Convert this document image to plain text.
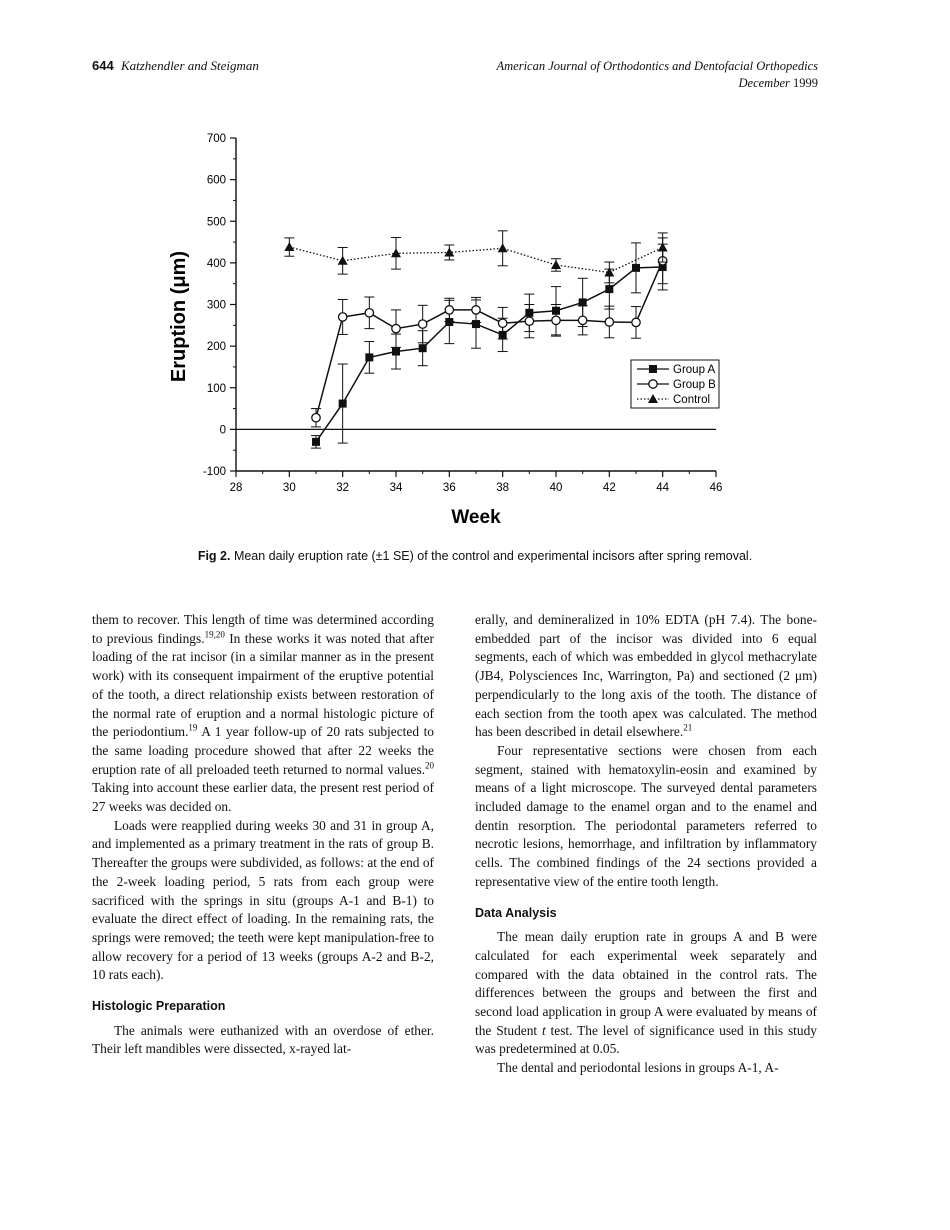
644 Katzhendler and Steigman	American Journal of Orthodontics and Dentofacial Orthopedics
December 1999
-100
0
100
200
300
400
500
600
700
28	30	32	34	36	38	40	42	44	46
Week
Eruption (μm)	Group A
Group B
Control
Fig 2. Mean daily eruption rate (±1 SE) of the control and experimental incisors after spring removal.

them to recover. This length of time was determined according to previous findings.$^{19,20}$ In these works it was noted that after loading of the rat incisor (in a similar manner as in the present work) with its consequent impairment of the eruptive potential of the tooth, a direct relationship exists between restoration of the normal rate of eruption and a normal histologic picture of the periodontium.$^{19}$ A 1 year follow-up of 20 rats subjected to the same loading procedure showed that after 22 weeks the eruption rate of all preloaded teeth returned to normal values.$^{20}$ Taking into account these earlier data, the present rest period of 27 weeks was decided on.

Loads were reapplied during weeks 30 and 31 in group A, and implemented as a primary treatment in the rats of group B. Thereafter the groups were subdivided, as follows: at the end of the 2-week loading period, 5 rats from each group were sacrificed with the springs in situ (groups A-1 and B-1) to evaluate the direct effect of loading. In the remaining rats, the springs were removed; the teeth were kept manipulation-free to allow recovery for a period of 13 weeks (groups A-2 and B-2, 10 rats each).

Histologic Preparation

The animals were euthanized with an overdose of ether. Their left mandibles were dissected, x-rayed lat-

erally, and demineralized in 10% EDTA (pH 7.4). The bone-embedded part of the incisor was divided into 6 equal segments, each of which was embedded in glycol methacrylate (JB4, Polysciences Inc, Warrington, Pa) and sectioned (2 μm) perpendicularly to the long axis of the tooth. The distance of each section from the tooth apex was calculated. The method has been described in detail elsewhere.$^{21}$

Four representative sections were chosen from each segment, stained with hematoxylin-eosin and examined by means of a light microscope. The surveyed dental parameters included damage to the enamel organ and to the enamel and dentin resorption. The periodontal parameters referred to necrotic lesions, hemorrhage, and infiltration by inflammatory cells. The combined findings of the 24 sections provided a representative view of the entire tooth length.

Data Analysis

The mean daily eruption rate in groups A and B were calculated for each experimental week separately and compared with the data obtained in the control rats. The differences between the groups and between the first and second load application in group A were evaluated by means of the Student t test. The level of significance used in this study was predetermined at 0.05.

The dental and periodontal lesions in groups A-1, A-
